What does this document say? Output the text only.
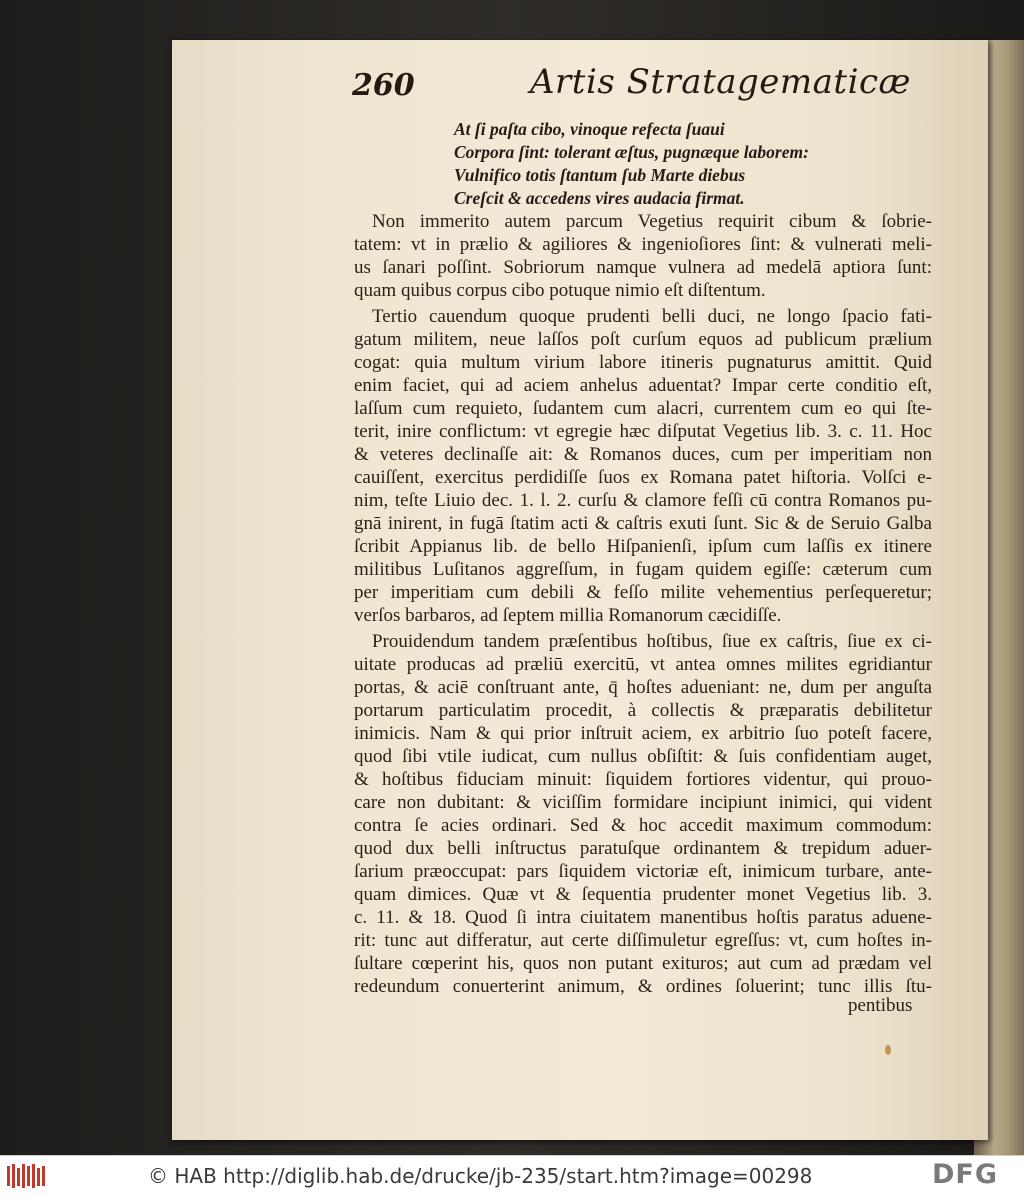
260	Artis Stratagematicæ
At ſi paſta cibo, vinoque refecta ſuaui
Corpora ſint: tolerant æſtus, pugnæque laborem:
Vulnifico totis ſtantum ſub Marte diebus
Creſcit & accedens vires audacia firmat.
Non immerito autem parcum Vegetius requirit cibum & ſobrie-
tatem: vt in prælio & agiliores & ingenioſiores ſint: & vulnerati meli-
us ſanari poſſint. Sobriorum namque vulnera ad medelā aptiora ſunt:
quam quibus corpus cibo potuque nimio eſt diſtentum.
Tertio cauendum quoque prudenti belli duci, ne longo ſpacio fati-
gatum militem, neue laſſos poſt curſum equos ad publicum prælium
cogat: quia multum virium labore itineris pugnaturus amittit. Quid
enim faciet, qui ad aciem anhelus aduentat? Impar certe conditio eſt,
laſſum cum requieto, ſudantem cum alacri, currentem cum eo qui ſte-
terit, inire conflictum: vt egregie hæc diſputat Vegetius lib. 3. c. 11. Hoc
& veteres declinaſſe ait: & Romanos duces, cum per imperitiam non
cauiſſent, exercitus perdidiſſe ſuos ex Romana patet hiſtoria. Volſci e-
nim, teſte Liuio dec. 1. l. 2. curſu & clamore feſſi cū contra Romanos pu-
gnā inirent, in fugā ſtatim acti & caſtris exuti ſunt. Sic & de Seruio Galba
ſcribit Appianus lib. de bello Hiſpanienſi, ipſum cum laſſis ex itinere
militibus Luſitanos aggreſſum, in fugam quidem egiſſe: cæterum cum
per imperitiam cum debili & feſſo milite vehementius perſequeretur;
verſos barbaros, ad ſeptem millia Romanorum cæcidiſſe.
Prouidendum tandem præſentibus hoſtibus, ſiue ex caſtris, ſiue ex ci-
uitate producas ad præliū exercitū, vt antea omnes milites egridiantur
portas, & aciē conſtruant ante, q̄ hoſtes adueniant: ne, dum per anguſta
portarum particulatim procedit, à collectis & præparatis debilitetur
inimicis. Nam & qui prior inſtruit aciem, ex arbitrio ſuo poteſt facere,
quod ſibi vtile iudicat, cum nullus obſiſtit: & ſuis confidentiam auget,
& hoſtibus fiduciam minuit: ſiquidem fortiores videntur, qui prouo-
care non dubitant: & viciſſim formidare incipiunt inimici, qui vident
contra ſe acies ordinari. Sed & hoc accedit maximum commodum:
quod dux belli inſtructus paratuſque ordinantem & trepidum aduer-
ſarium præoccupat: pars ſiquidem victoriæ eſt, inimicum turbare, ante-
quam dimices. Quæ vt & ſequentia prudenter monet Vegetius lib. 3.
c. 11. & 18. Quod ſi intra ciuitatem manentibus hoſtis paratus aduene-
rit: tunc aut differatur, aut certe diſſimuletur egreſſus: vt, cum hoſtes in-
ſultare cœperint his, quos non putant exituros; aut cum ad prædam vel
redeundum conuerterint animum, & ordines ſoluerint; tunc illis ſtu-
pentibus
© HAB http://diglib.hab.de/drucke/jb-235/start.htm?image=00298	DFG
